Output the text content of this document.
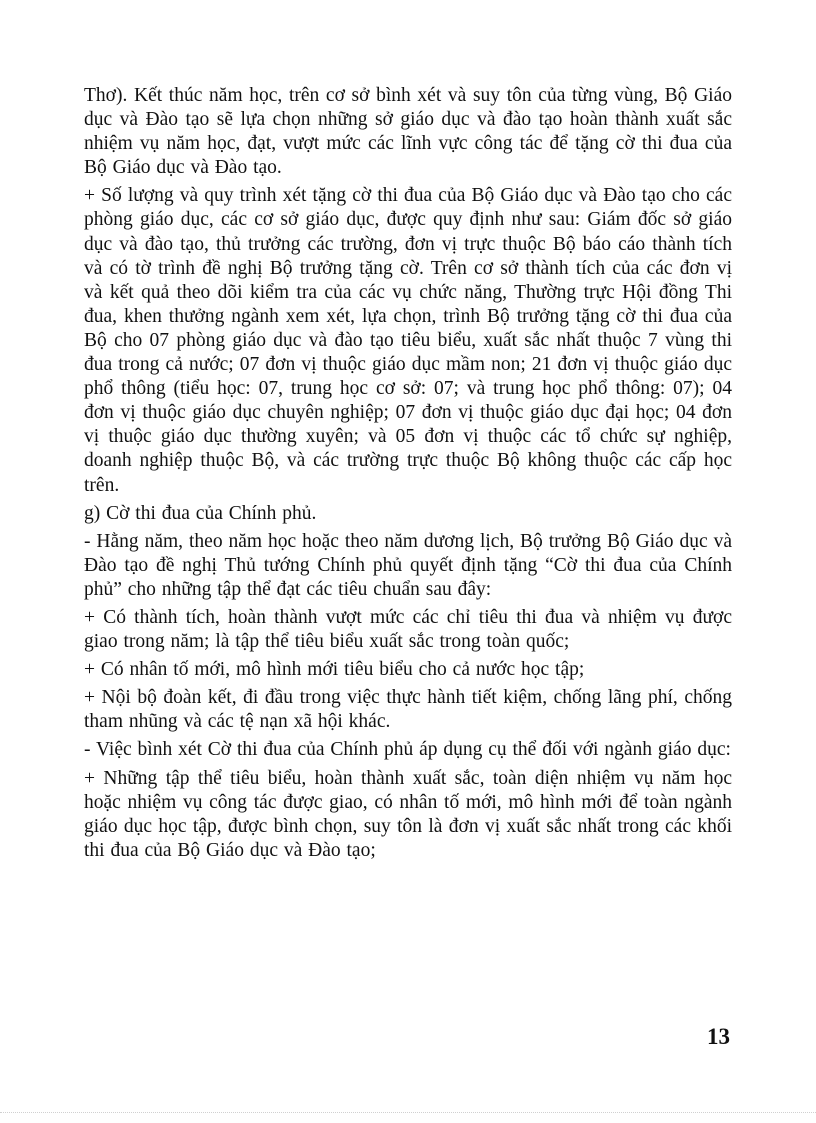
Thơ). Kết thúc năm học, trên cơ sở bình xét và suy tôn của từng vùng, Bộ Giáo dục và Đào tạo sẽ lựa chọn những sở giáo dục và đào tạo hoàn thành xuất sắc nhiệm vụ năm học, đạt, vượt mức các lĩnh vực công tác để tặng cờ thi đua của Bộ Giáo dục và Đào tạo.

+ Số lượng và quy trình xét tặng cờ thi đua của Bộ Giáo dục và Đào tạo cho các phòng giáo dục, các cơ sở giáo dục, được quy định như sau: Giám đốc sở giáo dục và đào tạo, thủ trưởng các trường, đơn vị trực thuộc Bộ báo cáo thành tích và có tờ trình đề nghị Bộ trưởng tặng cờ. Trên cơ sở thành tích của các đơn vị và kết quả theo dõi kiểm tra của các vụ chức năng, Thường trực Hội đồng Thi đua, khen thưởng ngành xem xét, lựa chọn, trình Bộ trưởng tặng cờ thi đua của Bộ cho 07 phòng giáo dục và đào tạo tiêu biểu, xuất sắc nhất thuộc 7 vùng thi đua trong cả nước; 07 đơn vị thuộc giáo dục mầm non; 21 đơn vị thuộc giáo dục phổ thông (tiểu học: 07, trung học cơ sở: 07; và trung học phổ thông: 07); 04 đơn vị thuộc giáo dục chuyên nghiệp; 07 đơn vị thuộc giáo dục đại học; 04 đơn vị thuộc giáo dục thường xuyên; và 05 đơn vị thuộc các tổ chức sự nghiệp, doanh nghiệp thuộc Bộ, và các trường trực thuộc Bộ không thuộc các cấp học trên.

g) Cờ thi đua của Chính phủ.

- Hằng năm, theo năm học hoặc theo năm dương lịch, Bộ trưởng Bộ Giáo dục và Đào tạo đề nghị Thủ tướng Chính phủ quyết định tặng “Cờ thi đua của Chính phủ” cho những tập thể đạt các tiêu chuẩn sau đây:

+ Có thành tích, hoàn thành vượt mức các chỉ tiêu thi đua và nhiệm vụ được giao trong năm; là tập thể tiêu biểu xuất sắc trong toàn quốc;

+ Có nhân tố mới, mô hình mới tiêu biểu cho cả nước học tập;

+ Nội bộ đoàn kết, đi đầu trong việc thực hành tiết kiệm, chống lãng phí, chống tham nhũng và các tệ nạn xã hội khác.

- Việc bình xét Cờ thi đua của Chính phủ áp dụng cụ thể đối với ngành giáo dục:

+ Những tập thể tiêu biểu, hoàn thành xuất sắc, toàn diện nhiệm vụ năm học hoặc nhiệm vụ công tác được giao, có nhân tố mới, mô hình mới để toàn ngành giáo dục học tập, được bình chọn, suy tôn là đơn vị xuất sắc nhất trong các khối thi đua của Bộ Giáo dục và Đào tạo;

13
